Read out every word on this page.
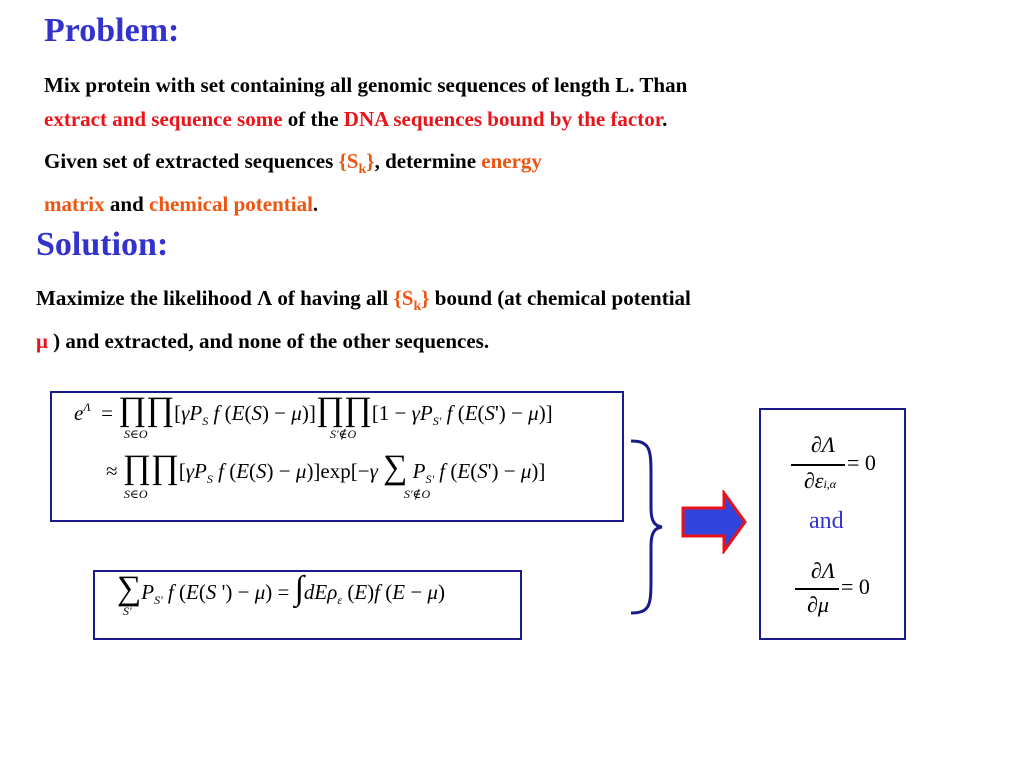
Problem:
Mix protein with set containing all genomic sequences of length L. Than
extract and sequence some of the DNA sequences bound by the factor.
Given set of extracted sequences $\{S_k\}$, determine energy
matrix and chemical potential.
Solution:
Maximize the likelihood Λ of having all $\{S_k\}$ bound (at chemical potential
μ ) and extracted, and none of the other sequences.
$e^\Lambda$  = $\prod\prod[\gamma P_S$ f (E(S) − μ)]∏∏[1 − $\gamma P_{S'}$ f (E(S') − μ)]
S∈O	S'∉O
≈ $\prod\prod[\gamma P_S$ f (E(S) − μ)]exp[−γ ∑ $P_{S'}$ f (E(S') − μ)]
S∈O	S'∉O
$\sum P_{S'}$ f (E(S ') − μ) = ∫dEρ$_\varepsilon$ (E)f (E − μ)
S'
∂Λ
∂εi,α
= 0
and
∂Λ
∂μ
= 0
